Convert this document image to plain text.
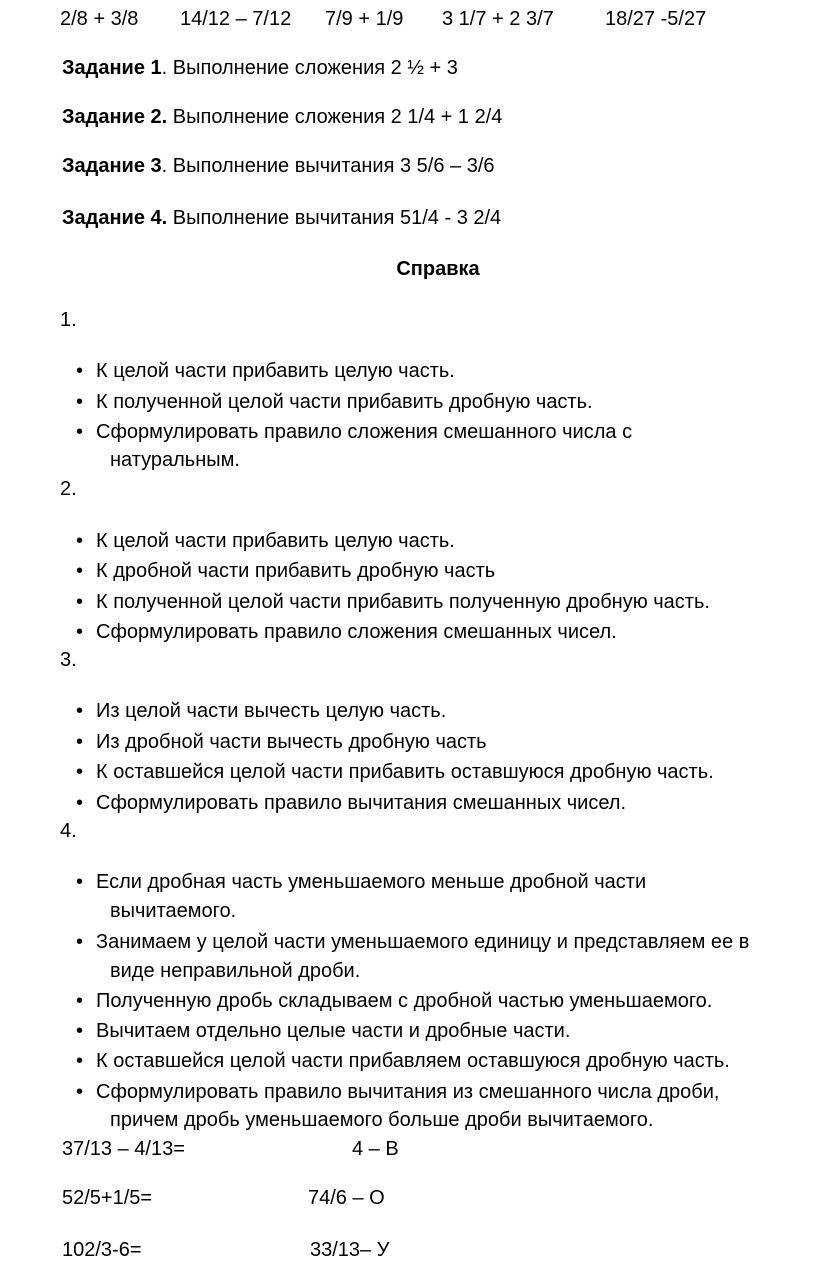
2/8 + 3/8 14/12 – 7/12 7/9 + 1/9 3 1/7 + 2 3/7	18/27 -5/27
Задание 1. Выполнение сложения 2 ½ + 3
Задание 2. Выполнение сложения 2 1/4 + 1 2/4
Задание 3. Выполнение вычитания 3 5/6 – 3/6
Задание 4. Выполнение вычитания 51/4 - 3 2/4
Справка
1.
• К целой части прибавить целую часть.
• К полученной целой части прибавить дробную часть.
• Сформулировать правило сложения смешанного числа с
натуральным.
2.
• К целой части прибавить целую часть.
• К дробной части прибавить дробную часть
• К полученной целой части прибавить полученную дробную часть.
• Сформулировать правило сложения смешанных чисел.
3.
• Из целой части вычесть целую часть.
• Из дробной части вычесть дробную часть
• К оставшейся целой части прибавить оставшуюся дробную часть.
• Сформулировать правило вычитания смешанных чисел.
4.
• Если дробная часть уменьшаемого меньше дробной части
вычитаемого.
• Занимаем у целой части уменьшаемого единицу и представляем ее в
виде неправильной дроби.
• Полученную дробь складываем с дробной частью уменьшаемого.
• Вычитаем отдельно целые части и дробные части.
• К оставшейся целой части прибавляем оставшуюся дробную часть.
• Сформулировать правило вычитания из смешанного числа дроби,
причем дробь уменьшаемого больше дроби вычитаемого.
37/13 – 4/13=	4 – В
52/5+1/5=	74/6 – О
102/3-6=	33/13– У
